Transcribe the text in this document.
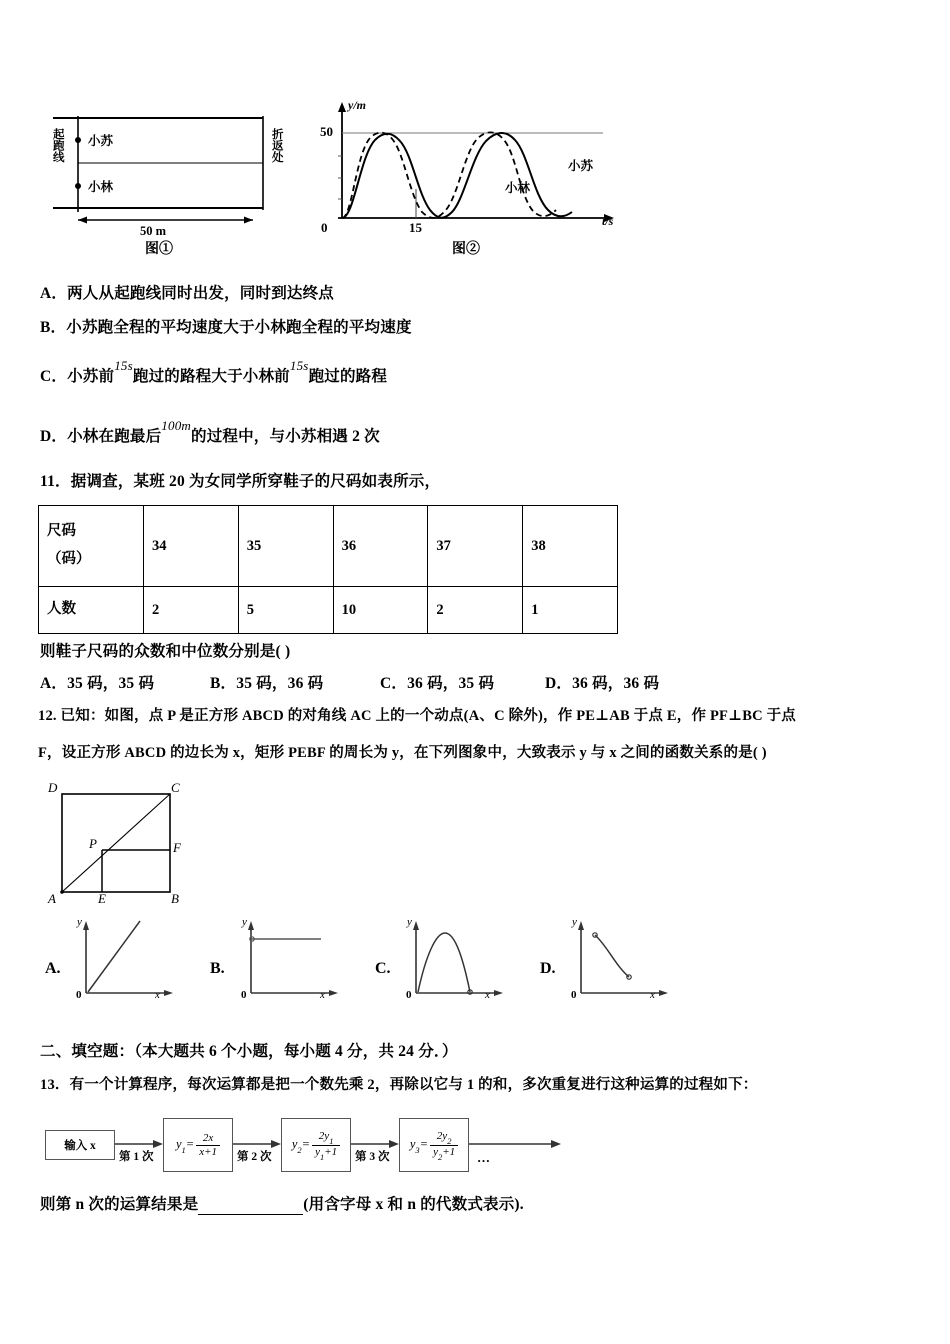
起跑线	折返处
小苏
小林
50 m
图①
y/m
t/s
50
0	15
小苏
小林
图②
A．两人从起跑线同时出发，同时到达终点
B．小苏跑全程的平均速度大于小林跑全程的平均速度
C．小苏前$^{15s}$跑过的路程大于小林前$^{15s}$跑过的路程
D．小林在跑最后$^{100m}$的过程中，与小苏相遇 2 次
11．据调查，某班 20 为女同学所穿鞋子的尺码如表所示，
尺码
（码）	34	35	36	37	38
人数	2	5	10	2	1
则鞋子尺码的众数和中位数分别是( )
A．35 码，35 码	B．35 码，36 码	C．36 码，35 码	D．36 码，36 码
12. 已知：如图，点 P 是正方形 ABCD 的对角线 AC 上的一个动点(A、C 除外)，作 PE⊥AB 于点 E，作 PF⊥BC 于点
F，设正方形 ABCD 的边长为 x，矩形 PEBF 的周长为 y，在下列图象中，大致表示 y 与 x 之间的函数关系的是( )
D	C
A	B
E
F
P
A.
y
x
0
B.
y
x
0
C.
y
x
0
D.
y
x
0
二、填空题：（本大题共 6 个小题，每小题 4 分，共 24 分．）
13．有一个计算程序，每次运算都是把一个数先乘 2，再除以它与 1 的和，多次重复进行这种运算的过程如下：
输入 x	$y_1= \frac{2x}{x+1}$	$y_2= \frac{2y_1}{y_1+1}$	$y_3= \frac{2y_2}{y_2+1}$
第 1 次	第 2 次	第 3 次	…
则第 n 次的运算结果是	(用含字母 x 和 n 的代数式表示).
